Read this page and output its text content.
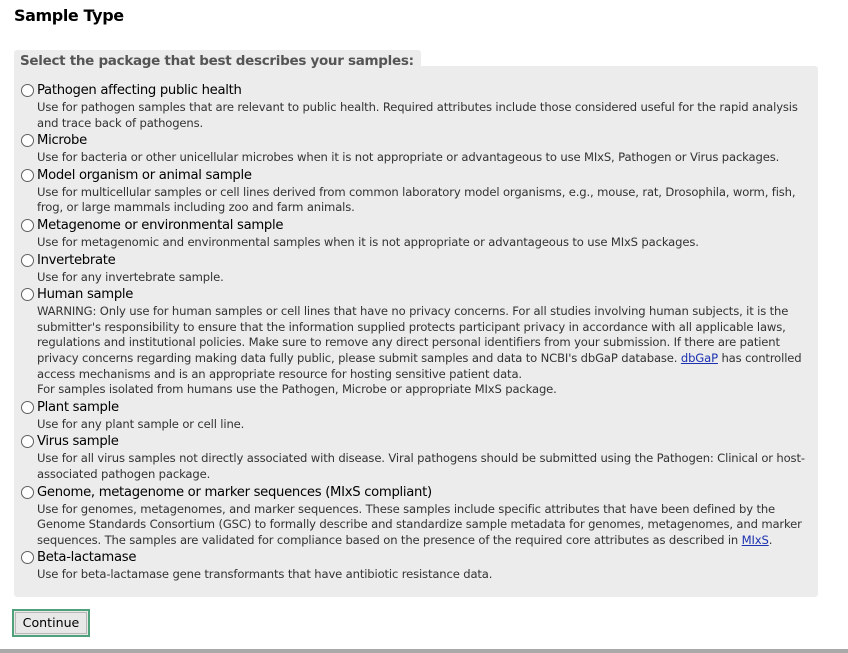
Sample Type
Select the package that best describes your samples:
Pathogen affecting public health
Use for pathogen samples that are relevant to public health. Required attributes include those considered useful for the rapid analysis
and trace back of pathogens.
Microbe
Use for bacteria or other unicellular microbes when it is not appropriate or advantageous to use MIxS, Pathogen or Virus packages.
Model organism or animal sample
Use for multicellular samples or cell lines derived from common laboratory model organisms, e.g., mouse, rat, Drosophila, worm, fish,
frog, or large mammals including zoo and farm animals.
Metagenome or environmental sample
Use for metagenomic and environmental samples when it is not appropriate or advantageous to use MIxS packages.
Invertebrate
Use for any invertebrate sample.
Human sample
WARNING: Only use for human samples or cell lines that have no privacy concerns. For all studies involving human subjects, it is the
submitter's responsibility to ensure that the information supplied protects participant privacy in accordance with all applicable laws,
regulations and institutional policies. Make sure to remove any direct personal identifiers from your submission. If there are patient
privacy concerns regarding making data fully public, please submit samples and data to NCBI's dbGaP database. dbGaP has controlled
access mechanisms and is an appropriate resource for hosting sensitive patient data.
For samples isolated from humans use the Pathogen, Microbe or appropriate MIxS package.
Plant sample
Use for any plant sample or cell line.
Virus sample
Use for all virus samples not directly associated with disease. Viral pathogens should be submitted using the Pathogen: Clinical or host-
associated pathogen package.
Genome, metagenome or marker sequences (MIxS compliant)
Use for genomes, metagenomes, and marker sequences. These samples include specific attributes that have been defined by the
Genome Standards Consortium (GSC) to formally describe and standardize sample metadata for genomes, metagenomes, and marker
sequences. The samples are validated for compliance based on the presence of the required core attributes as described in MIxS.
Beta-lactamase
Use for beta-lactamase gene transformants that have antibiotic resistance data.
Continue
